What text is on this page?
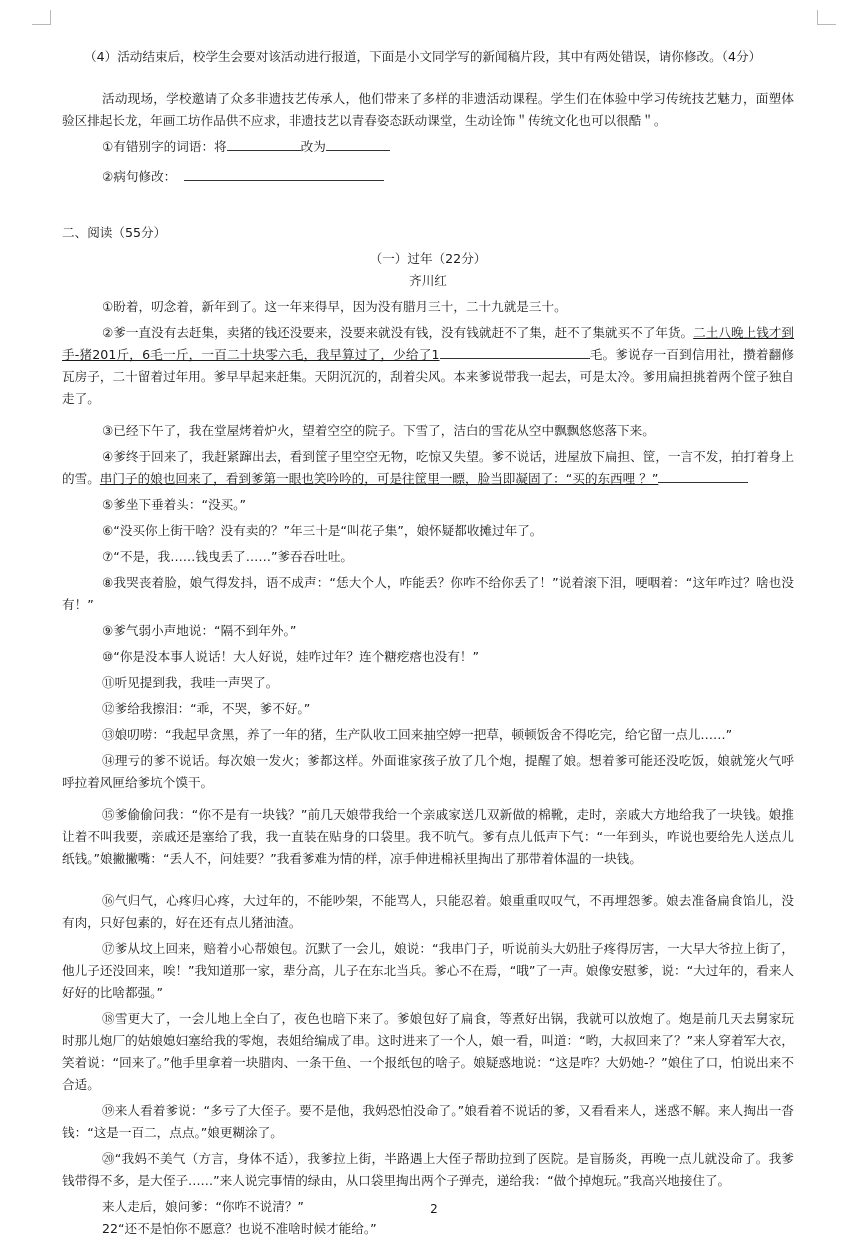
（4）活动结束后，校学生会要对该活动进行报道，下面是小文同学写的新闻稿片段，其中有两处错误，请你修改。（4分）

活动现场，学校邀请了众多非遗技艺传承人，他们带来了多样的非遗活动课程。学生们在体验中学习传统技艺魅力，面塑体验区排起长龙，年画工坊作品供不应求，非遗技艺以青春姿态跃动课堂，生动诠饰＂传统文化也可以很酷＂。

①有错别字的词语：将	改为

②病句修改：

二、阅读（55分）

（一）过年（22分）

齐川红

①盼着，叨念着，新年到了。这一年来得早，因为没有腊月三十，二十九就是三十。

②爹一直没有去赶集，卖猪的钱还没要来，没要来就没有钱，没有钱就赶不了集，赶不了集就买不了年货。二土八晚上钱才到手-猪201斤，6毛一斤，一百二十块零六毛，我早算过了，少给了1	毛。爹说存一百到信用社，攒着翻修瓦房子，二十留着过年用。爹早早起来赶集。天阴沉沉的，刮着尖风。本来爹说带我一起去，可是太冷。爹用扁担挑着两个筐子独自走了。

③已经下午了，我在堂屋烤着炉火，望着空空的院子。下雪了，洁白的雪花从空中飘飘悠悠落下来。

④爹终于回来了，我赶紧蹿出去，看到筐子里空空无物，吃惊又失望。爹不说话，进屋放下扁担、筐，一言不发，拍打着身上的雪。串门子的娘也回来了，看到爹第一眼也笑吟吟的，可是往筐里一瞟，脸当即凝固了：“买的东西哩 ？”

⑤爹坐下垂着头：“没买。”

⑥“没买你上街干啥？没有卖的？”年三十是“叫花子集”，娘怀疑都收摊过年了。

⑦“不是，我……钱曳丢了……”爹吞吞吐吐。

⑧我哭丧着脸，娘气得发抖，语不成声：“恁大个人，咋能丢？你咋不给你丢了！”说着滚下泪，哽咽着：“这年咋过？啥也没有！”

⑨爹气弱小声地说：“隔不到年外。”

⑩“你是没本事人说话！大人好说，娃咋过年？连个糖疙瘩也没有！”

⑪听见提到我，我哇一声哭了。

⑫爹给我擦泪：“乖，不哭，爹不好。”

⑬娘叨唠：“我起早贪黑，养了一年的猪，生产队收工回来抽空婷一把草，顿顿饭舍不得吃完，给它留一点儿……”

⑭理亏的爹不说话。每次娘一发火；爹都这样。外面谁家孩子放了几个炮，提醒了娘。想着爹可能还没吃饭，娘就笼火气呼呼拉着风匣给爹坑个馍干。

⑮爹偷偷问我：“你不是有一块钱？”前几天娘带我给一个亲戚家送几双新做的棉靴，走时，亲戚大方地给我了一块钱。娘推让着不叫我要，亲戚还是塞给了我，我一直装在贴身的口袋里。我不吭气。爹有点儿低声下气：“一年到头，咋说也要给先人送点儿纸钱。”娘撇撇嘴：“丢人不，问娃要？”我看爹难为情的样，凉手伸进棉袄里掏出了那带着体温的一块钱。

⑯气归气，心疼归心疼，大过年的，不能吵架，不能骂人，只能忍着。娘重重叹叹气，不再埋怨爹。娘去准备扁食馅儿，没有肉，只好包素的，好在还有点儿猪油渣。

⑰爹从坟上回来，赔着小心帮娘包。沉默了一会儿，娘说：“我串门子，听说前头大奶肚子疼得厉害，一大早大爷拉上街了，他儿子还没回来，唉！”我知道那一家，辈分高，儿子在东北当兵。爹心不在焉，“哦”了一声。娘像安慰爹，说：“大过年的，看来人好好的比啥都强。”

⑱雪更大了，一会儿地上全白了，夜色也暗下来了。爹娘包好了扁食，等煮好出锅，我就可以放炮了。炮是前几天去舅家玩时那儿炮厂的姑娘媳妇塞给我的零炮，表姐给编成了串。这时进来了一个人，娘一看，叫道：“哟，大叔回来了？”来人穿着军大衣，笑着说：“回来了。”他手里拿着一块腊肉、一条干鱼、一个报纸包的啥子。娘疑惑地说：“这是咋？大奶她-？”娘住了口，怕说出来不合适。

⑲来人看着爹说：“多亏了大侄子。要不是他，我妈恐怕没命了。”娘看着不说话的爹，又看看来人，迷惑不解。来人掏出一沓钱：“这是一百二，点点。”娘更糊涂了。

⑳“我妈不美气（方言，身体不适），我爹拉上街，半路遇上大侄子帮助拉到了医院。是盲肠炎，再晚一点儿就没命了。我爹钱带得不多，是大侄子……”来人说完事情的绿由，从口袋里掏出两个子弹壳，递给我：“做个掉炮玩。”我高兴地接住了。

来人走后，娘问爹：“你咋不说清？”

22“还不是怕你不愿意？也说不准啥时候才能给。”

2
